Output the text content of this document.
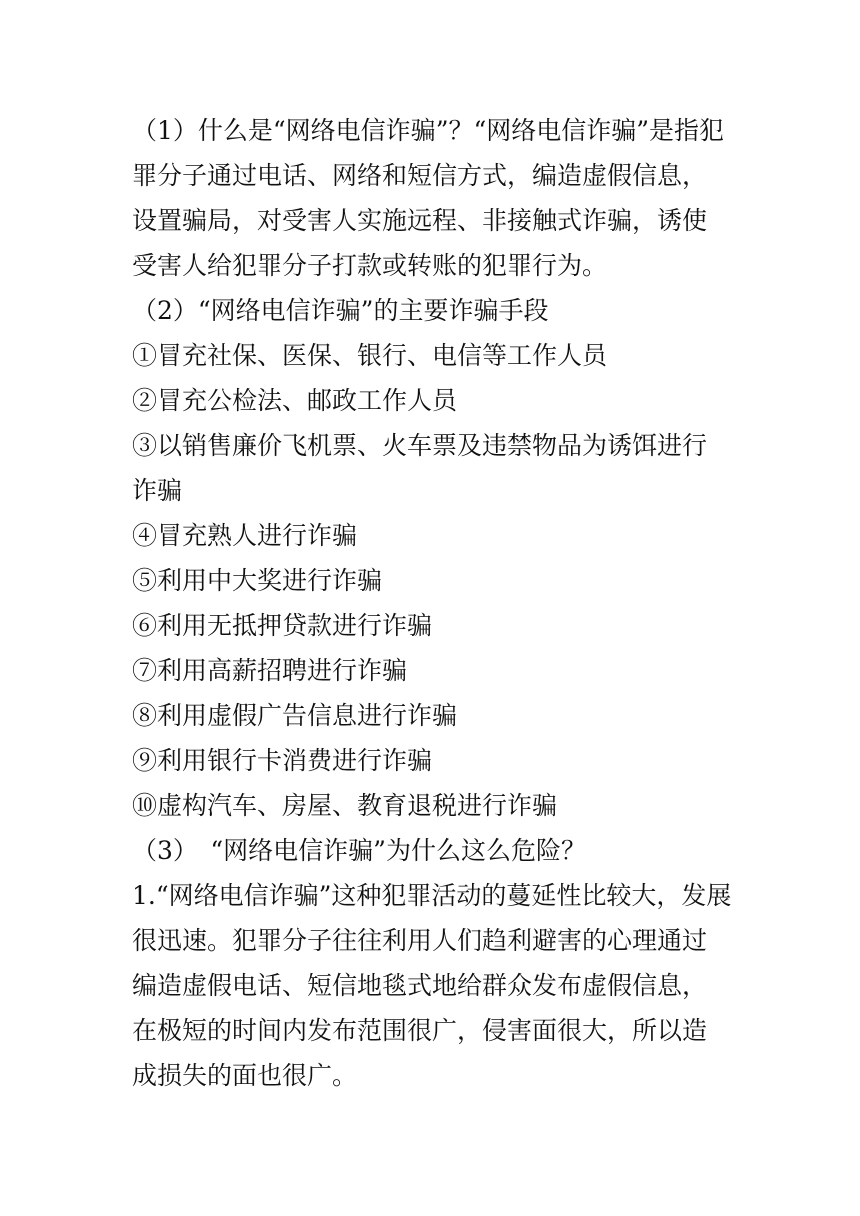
（1）什么是“网络电信诈骗”？“网络电信诈骗”是指犯
罪分子通过电话、网络和短信方式，编造虚假信息，
设置骗局，对受害人实施远程、非接触式诈骗，诱使
受害人给犯罪分子打款或转账的犯罪行为。
（2）“网络电信诈骗”的主要诈骗手段
①冒充社保、医保、银行、电信等工作人员
②冒充公检法、邮政工作人员
③以销售廉价飞机票、火车票及违禁物品为诱饵进行
诈骗
④冒充熟人进行诈骗
⑤利用中大奖进行诈骗
⑥利用无抵押贷款进行诈骗
⑦利用高薪招聘进行诈骗
⑧利用虚假广告信息进行诈骗
⑨利用银行卡消费进行诈骗
⑩虚构汽车、房屋、教育退税进行诈骗
（3）　“网络电信诈骗”为什么这么危险？
1.“网络电信诈骗”这种犯罪活动的蔓延性比较大，发展
很迅速。犯罪分子往往利用人们趋利避害的心理通过
编造虚假电话、短信地毯式地给群众发布虚假信息，
在极短的时间内发布范围很广，侵害面很大，所以造
成损失的面也很广。
